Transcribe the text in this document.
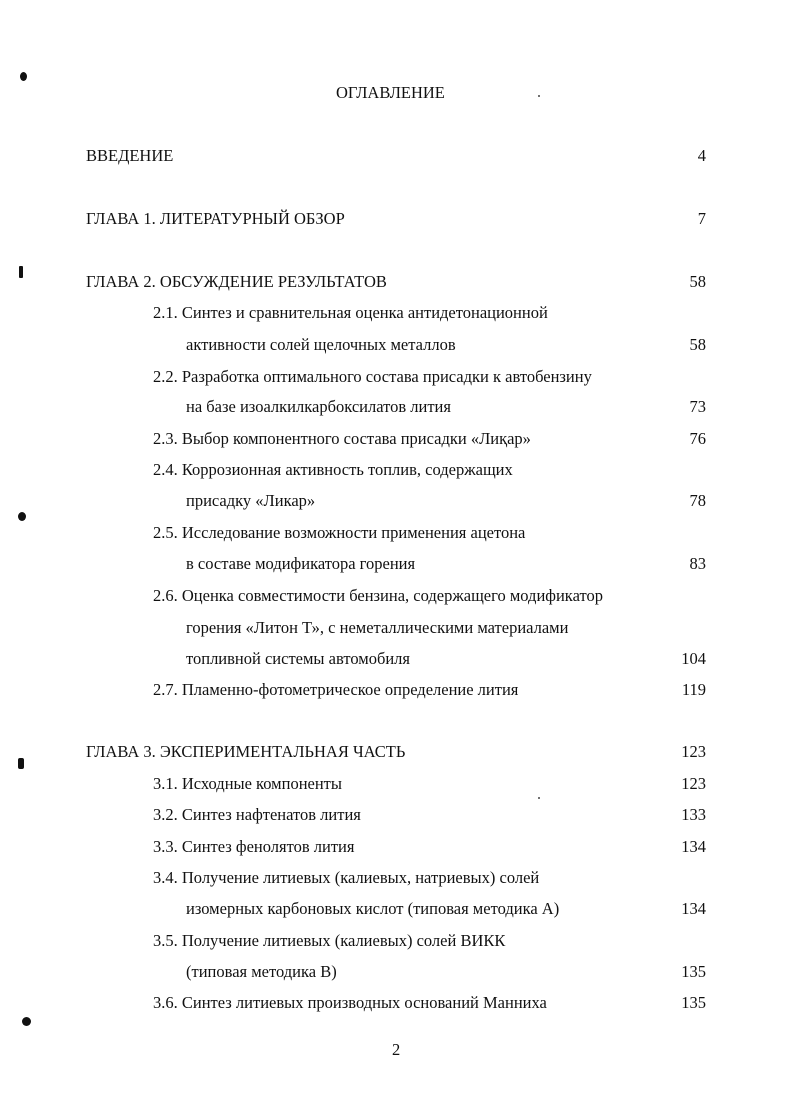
ОГЛАВЛЕНИЕ
ВВЕДЕНИЕ	4
ГЛАВА 1. ЛИТЕРАТУРНЫЙ ОБЗОР	7
ГЛАВА 2. ОБСУЖДЕНИЕ РЕЗУЛЬТАТОВ	58
2.1. Синтез и сравнительная оценка антидетонационной
активности солей щелочных металлов	58
2.2. Разработка оптимального состава присадки к автобензину
на базе изоалкилкарбоксилатов лития	73
2.3. Выбор компонентного состава присадки «Лиқар»	76
2.4. Коррозионная активность топлив, содержащих
присадку «Ликар»	78
2.5. Исследование возможности применения ацетона
в составе модификатора горения	83
2.6. Оценка совместимости бензина, содержащего модификатор
горения «Литон Т», с неметаллическими материалами
топливной системы автомобиля	104
2.7. Пламенно-фотометрическое определение лития	119
ГЛАВА 3. ЭКСПЕРИМЕНТАЛЬНАЯ ЧАСТЬ	123
3.1. Исходные компоненты	123
3.2. Синтез нафтенатов лития	133
3.3. Синтез фенолятов лития	134
3.4. Получение литиевых (калиевых, натриевых) солей
изомерных карбоновых кислот (типовая методика А)	134
3.5. Получение литиевых (калиевых) солей ВИКК
(типовая методика В)	135
3.6. Синтез литиевых производных оснований Манниха	135
2
